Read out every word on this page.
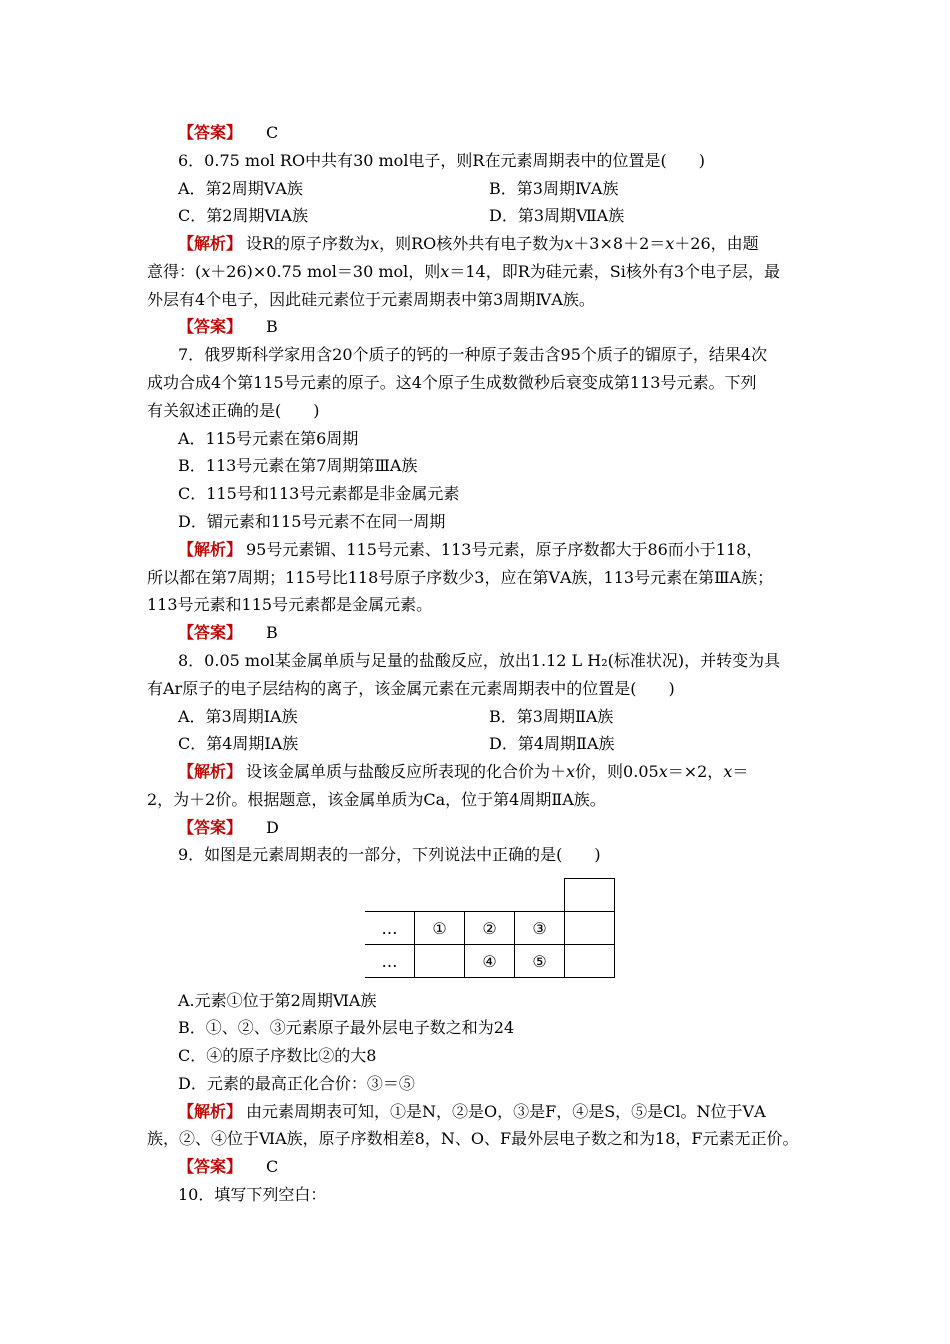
【答案】 C
6．0.75 mol RO中共有30 mol电子，则R在元素周期表中的位置是(　　)
A．第2周期ⅤA族	B．第3周期ⅣA族
C．第2周期ⅥA族	D．第3周期ⅦA族
【解析】 设R的原子序数为x，则RO核外共有电子数为x＋3×8＋2＝x＋26，由题
意得：(x＋26)×0.75 mol＝30 mol，则x＝14，即R为硅元素，Si核外有3个电子层，最
外层有4个电子，因此硅元素位于元素周期表中第3周期ⅣA族。
【答案】 B
7．俄罗斯科学家用含20个质子的钙的一种原子轰击含95个质子的镅原子，结果4次
成功合成4个第115号元素的原子。这4个原子生成数微秒后衰变成第113号元素。下列
有关叙述正确的是(　　)
A．115号元素在第6周期
B．113号元素在第7周期第ⅢA族
C．115号和113号元素都是非金属元素
D．镅元素和115号元素不在同一周期
【解析】 95号元素镅、115号元素、113号元素，原子序数都大于86而小于118，
所以都在第7周期；115号比118号原子序数少3，应在第ⅤA族，113号元素在第ⅢA族；
113号元素和115号元素都是金属元素。
【答案】 B
8．0.05 mol某金属单质与足量的盐酸反应，放出1.12 L H₂(标准状况)，并转变为具
有Ar原子的电子层结构的离子，该金属元素在元素周期表中的位置是(　　)
A．第3周期ⅠA族	B．第3周期ⅡA族
C．第4周期ⅠA族	D．第4周期ⅡA族
【解析】 设该金属单质与盐酸反应所表现的化合价为＋x价，则0.05x＝×2，x＝
2，为＋2价。根据题意，该金属单质为Ca，位于第4周期ⅡA族。
【答案】 D
9．如图是元素周期表的一部分，下列说法中正确的是(　　)

…	①	②	③	
…		④	⑤	
A.元素①位于第2周期ⅥA族
B．①、②、③元素原子最外层电子数之和为24
C．④的原子序数比②的大8
D．元素的最高正化合价：③＝⑤
【解析】 由元素周期表可知，①是N，②是O，③是F，④是S，⑤是Cl。N位于ⅤA
族，②、④位于ⅥA族，原子序数相差8，N、O、F最外层电子数之和为18，F元素无正价。
【答案】 C
10．填写下列空白：
